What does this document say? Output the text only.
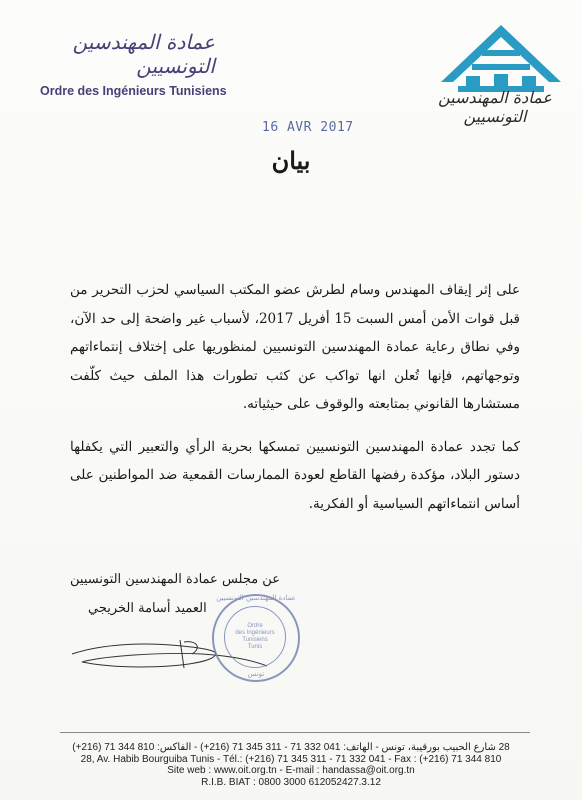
عمادة المهندسين التونسيين
Ordre des Ingénieurs Tunisiens	عمادة المهندسين التونسيين
16 AVR 2017
بيان

على إثر إيقاف المهندس وسام لطرش عضو المكتب السياسي لحزب التحرير من قبل قوات الأمن أمس السبت 15 أفريل 2017، لأسباب غير واضحة إلى حد الآن، وفي نطاق رعاية عمادة المهندسين التونسيين لمنظوريها على إختلاف إنتماءاتهم وتوجهاتهم، فإنها تُعلن انها تواكب عن كثب تطورات هذا الملف حيث كلّفت مستشارها القانوني بمتابعته والوقوف على حيثياته.

كما تجدد عمادة المهندسين التونسيين تمسكها بحرية الرأي والتعبير التي يكفلها دستور البلاد، مؤكدة رفضها القاطع لعودة الممارسات القمعية ضد المواطنين على أساس انتماءاتهم السياسية أو الفكرية.

عن مجلس عمادة المهندسين التونسيين
العميد أسامة الخريجي
عمادة المهندسين التونسيين
Ordre
des Ingénieurs
Tunisiens
Tunis
تونس
28 شارع الحبيب بورقيبة، تونس - الهاتف: 041 332 71 - 311 345 71 (216+) - الفاكس: 810 344 71 (216+)
28, Av. Habib Bourguiba Tunis - Tél.: (+216) 71 345 311 - 71 332 041 - Fax : (+216) 71 344 810
Site web : www.oit.org.tn - E-mail : handassa@oit.org.tn
R.I.B. BIAT : 0800 3000 612052427.3.12
